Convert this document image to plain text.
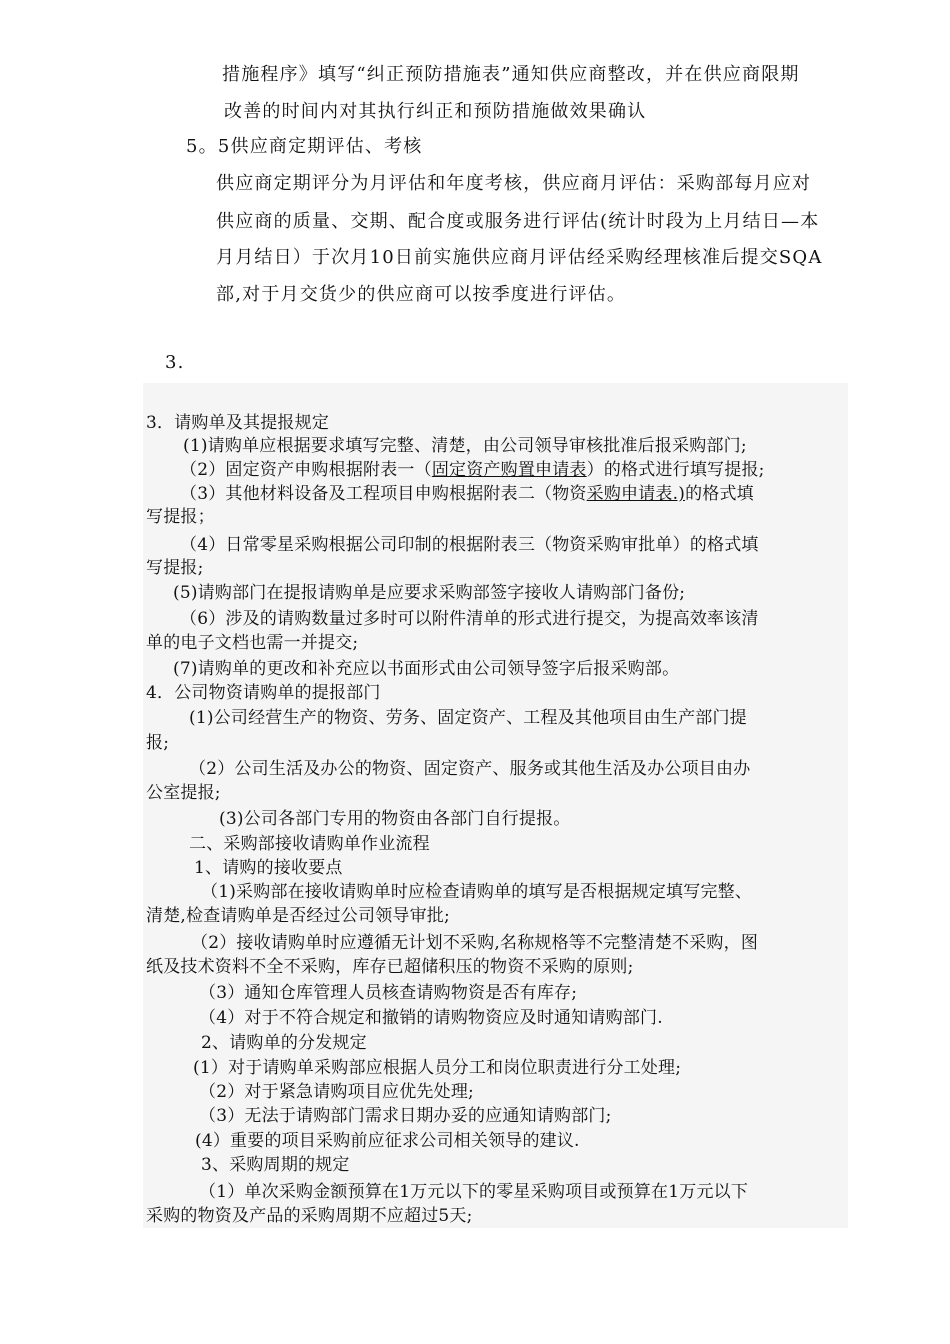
措施程序》填写“纠正预防措施表”通知供应商整改，并在供应商限期
改善的时间内对其执行纠正和预防措施做效果确认
5。5供应商定期评估、考核
供应商定期评分为月评估和年度考核，供应商月评估：采购部每月应对
供应商的质量、交期、配合度或服务进行评估(统计时段为上月结日—本
月月结日）于次月10日前实施供应商月评估经采购经理核准后提交SQA
部,对于月交货少的供应商可以按季度进行评估。
3.
3．请购单及其提报规定
(1)请购单应根据要求填写完整、清楚，由公司领导审核批准后报采购部门;
（2）固定资产申购根据附表一（固定资产购置申请表）的格式进行填写提报;
（3）其他材料设备及工程项目申购根据附表二（物资采购申请表.)的格式填
写提报；
（4）日常零星采购根据公司印制的根据附表三（物资采购审批单）的格式填
写提报;
(5)请购部门在提报请购单是应要求采购部签字接收人请购部门备份;
（6）涉及的请购数量过多时可以附件清单的形式进行提交，为提高效率该清
单的电子文档也需一并提交;
(7)请购单的更改和补充应以书面形式由公司领导签字后报采购部。
4．公司物资请购单的提报部门
(1)公司经营生产的物资、劳务、固定资产、工程及其他项目由生产部门提
报;
（2）公司生活及办公的物资、固定资产、服务或其他生活及办公项目由办
公室提报;
(3)公司各部门专用的物资由各部门自行提报。
二、采购部接收请购单作业流程
1、请购的接收要点
（1)采购部在接收请购单时应检查请购单的填写是否根据规定填写完整、
清楚,检查请购单是否经过公司领导审批;
（2）接收请购单时应遵循无计划不采购,名称规格等不完整清楚不采购，图
纸及技术资料不全不采购，库存已超储积压的物资不采购的原则;
（3）通知仓库管理人员核查请购物资是否有库存;
（4）对于不符合规定和撤销的请购物资应及时通知请购部门.
2、请购单的分发规定
(1）对于请购单采购部应根据人员分工和岗位职责进行分工处理;
（2）对于紧急请购项目应优先处理;
（3）无法于请购部门需求日期办妥的应通知请购部门;
(4）重要的项目采购前应征求公司相关领导的建议.
3、采购周期的规定
（1）单次采购金额预算在1万元以下的零星采购项目或预算在1万元以下
采购的物资及产品的采购周期不应超过5天;
